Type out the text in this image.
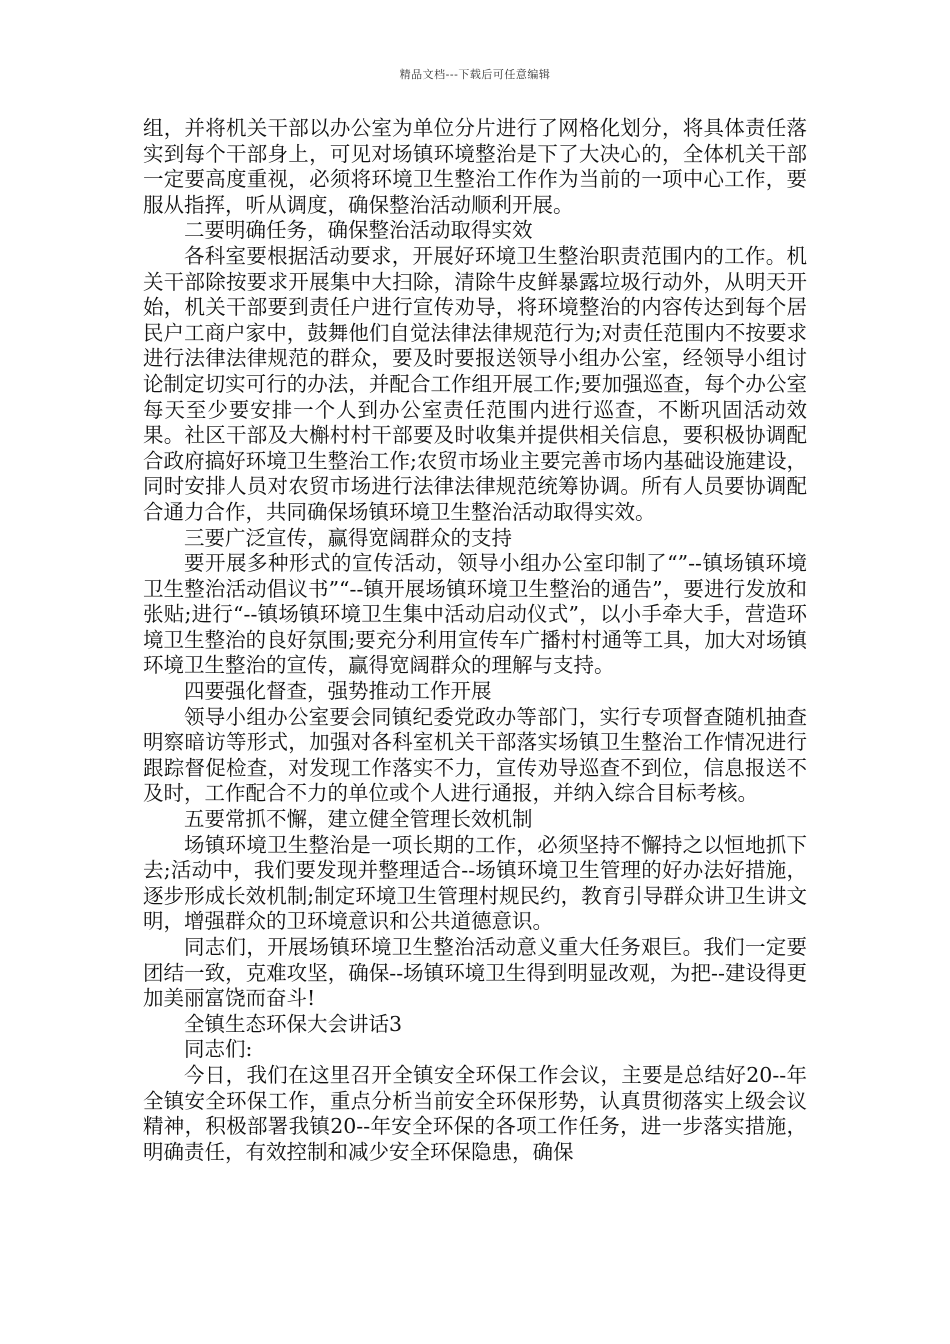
精品文档---下载后可任意编辑

组，并将机关干部以办公室为单位分片进行了网格化划分，将具体责任落实到每个干部身上，可见对场镇环境整治是下了大决心的，全体机关干部一定要高度重视，必须将环境卫生整治工作作为当前的一项中心工作，要服从指挥，听从调度，确保整治活动顺利开展。

二要明确任务，确保整治活动取得实效

各科室要根据活动要求，开展好环境卫生整治职责范围内的工作。机关干部除按要求开展集中大扫除，清除牛皮鲜暴露垃圾行动外，从明天开始，机关干部要到责任户进行宣传劝导，将环境整治的内容传达到每个居民户工商户家中，鼓舞他们自觉法律法律规范行为;对责任范围内不按要求进行法律法律规范的群众，要及时要报送领导小组办公室，经领导小组讨论制定切实可行的办法，并配合工作组开展工作;要加强巡查，每个办公室每天至少要安排一个人到办公室责任范围内进行巡查，不断巩固活动效果。社区干部及大槲村村干部要及时收集并提供相关信息，要积极协调配合政府搞好环境卫生整治工作;农贸市场业主要完善市场内基础设施建设，同时安排人员对农贸市场进行法律法律规范统筹协调。所有人员要协调配合通力合作，共同确保场镇环境卫生整治活动取得实效。

三要广泛宣传，赢得宽阔群众的支持

要开展多种形式的宣传活动，领导小组办公室印制了“”--镇场镇环境卫生整治活动倡议书”“--镇开展场镇环境卫生整治的通告”，要进行发放和张贴;进行“--镇场镇环境卫生集中活动启动仪式”，以小手牵大手，营造环境卫生整治的良好氛围;要充分利用宣传车广播村村通等工具，加大对场镇环境卫生整治的宣传，赢得宽阔群众的理解与支持。

四要强化督查，强势推动工作开展

领导小组办公室要会同镇纪委党政办等部门，实行专项督查随机抽查明察暗访等形式，加强对各科室机关干部落实场镇卫生整治工作情况进行跟踪督促检查，对发现工作落实不力，宣传劝导巡查不到位，信息报送不及时，工作配合不力的单位或个人进行通报，并纳入综合目标考核。

五要常抓不懈，建立健全管理长效机制

场镇环境卫生整治是一项长期的工作，必须坚持不懈持之以恒地抓下去;活动中，我们要发现并整理适合--场镇环境卫生管理的好办法好措施，逐步形成长效机制;制定环境卫生管理村规民约，教育引导群众讲卫生讲文明，增强群众的卫环境意识和公共道德意识。

同志们，开展场镇环境卫生整治活动意义重大任务艰巨。我们一定要团结一致，克难攻坚，确保--场镇环境卫生得到明显改观，为把--建设得更加美丽富饶而奋斗!

全镇生态环保大会讲话3

同志们:

今日，我们在这里召开全镇安全环保工作会议，主要是总结好20--年全镇安全环保工作，重点分析当前安全环保形势，认真贯彻落实上级会议精神，积极部署我镇20--年安全环保的各项工作任务，进一步落实措施，明确责任，有效控制和减少安全环保隐患，确保
